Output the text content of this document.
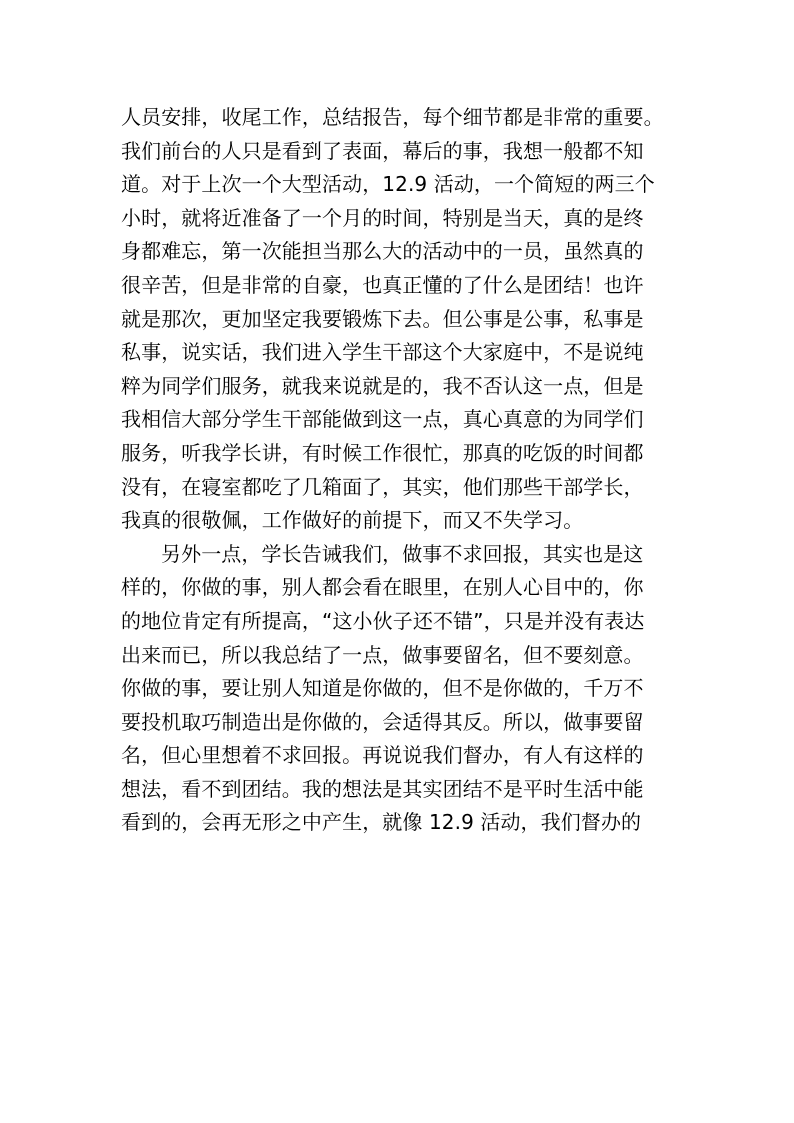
人员安排，收尾工作，总结报告，每个细节都是非常的重要。
我们前台的人只是看到了表面，幕后的事，我想一般都不知
道。对于上次一个大型活动，12.9 活动，一个简短的两三个
小时，就将近准备了一个月的时间，特别是当天，真的是终
身都难忘，第一次能担当那么大的活动中的一员，虽然真的
很辛苦，但是非常的自豪，也真正懂的了什么是团结！也许
就是那次，更加坚定我要锻炼下去。但公事是公事，私事是
私事，说实话，我们进入学生干部这个大家庭中，不是说纯
粹为同学们服务，就我来说就是的，我不否认这一点，但是
我相信大部分学生干部能做到这一点，真心真意的为同学们
服务，听我学长讲，有时候工作很忙，那真的吃饭的时间都
没有，在寝室都吃了几箱面了，其实，他们那些干部学长，
我真的很敬佩，工作做好的前提下，而又不失学习。
另外一点，学长告诫我们，做事不求回报，其实也是这
样的，你做的事，别人都会看在眼里，在别人心目中的，你
的地位肯定有所提高，“这小伙子还不错”，只是并没有表达
出来而已，所以我总结了一点，做事要留名，但不要刻意。
你做的事，要让别人知道是你做的，但不是你做的，千万不
要投机取巧制造出是你做的，会适得其反。所以，做事要留
名，但心里想着不求回报。再说说我们督办，有人有这样的
想法，看不到团结。我的想法是其实团结不是平时生活中能
看到的，会再无形之中产生，就像 12.9 活动，我们督办的
